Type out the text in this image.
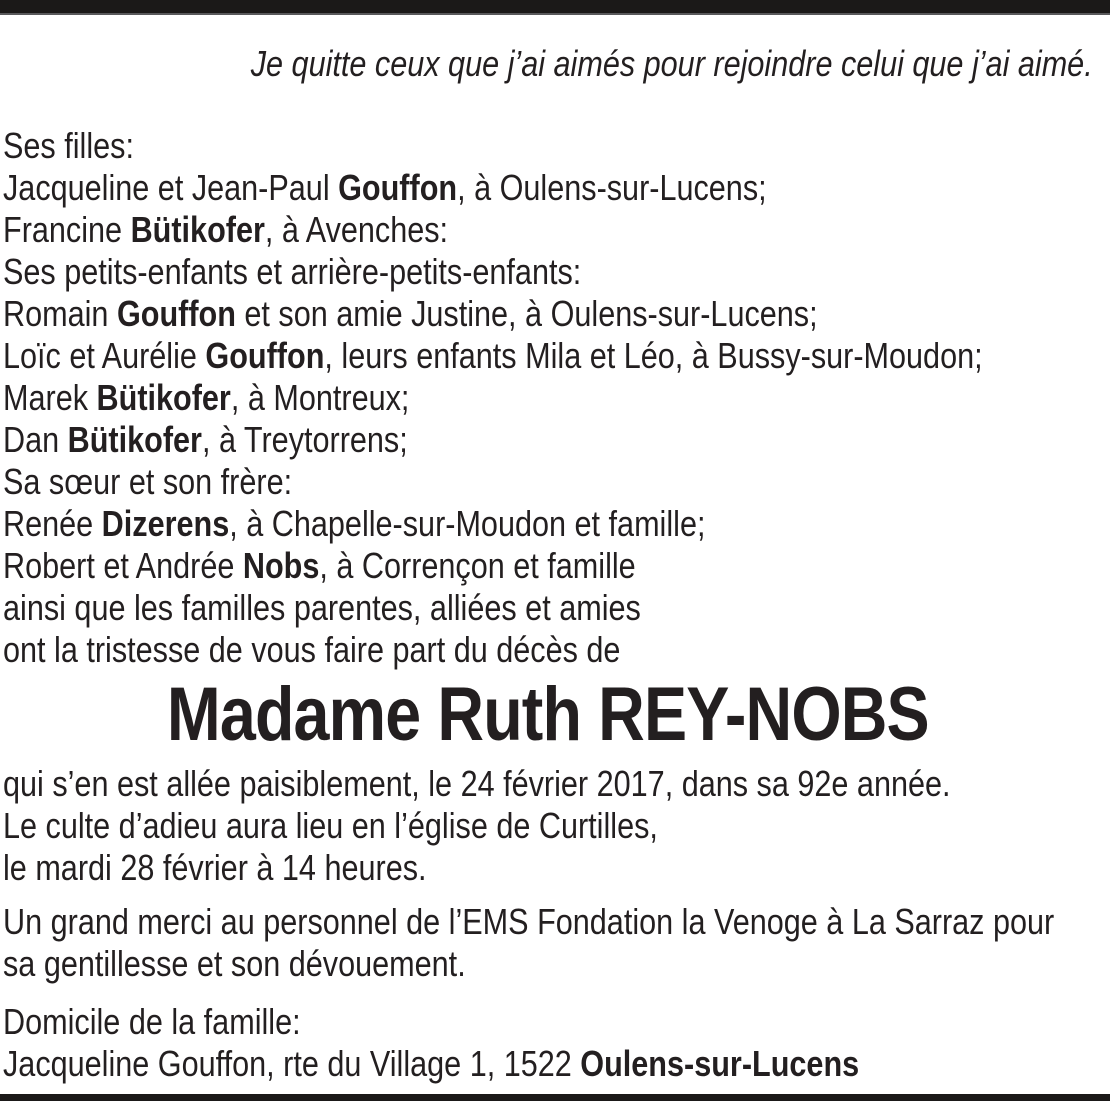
Je quitte ceux que j’ai aimés pour rejoindre celui que j’ai aimé.

Ses filles:
Jacqueline et Jean-Paul Gouffon, à Oulens-sur-Lucens;
Francine Bütikofer, à Avenches:
Ses petits-enfants et arrière-petits-enfants:
Romain Gouffon et son amie Justine, à Oulens-sur-Lucens;
Loïc et Aurélie Gouffon, leurs enfants Mila et Léo, à Bussy-sur-Moudon;
Marek Bütikofer, à Montreux;
Dan Bütikofer, à Treytorrens;
Sa sœur et son frère:
Renée Dizerens, à Chapelle-sur-Moudon et famille;
Robert et Andrée Nobs, à Corrençon et famille
ainsi que les familles parentes, alliées et amies
ont la tristesse de vous faire part du décès de
Madame Ruth REY-NOBS
qui s’en est allée paisiblement, le 24 février 2017, dans sa 92e année.
Le culte d’adieu aura lieu en l’église de Curtilles,
le mardi 28 février à 14 heures.
Un grand merci au personnel de l’EMS Fondation la Venoge à La Sarraz pour
sa gentillesse et son dévouement.
Domicile de la famille:
Jacqueline Gouffon, rte du Village 1, 1522 Oulens-sur-Lucens
